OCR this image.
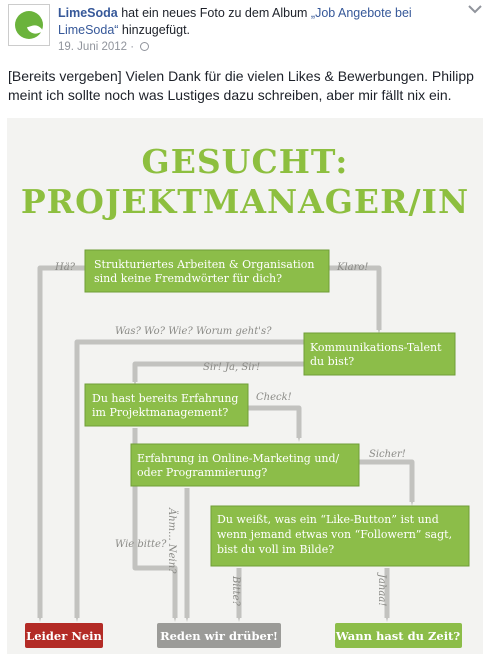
LimeSoda hat ein neues Foto zu dem Album „Job Angebote bei LimeSoda“ hinzugefügt.
19. Juni 2012 ·

[Bereits vergeben] Vielen Dank für die vielen Likes & Bewerbungen. Philipp meint ich sollte noch was Lustiges dazu schreiben, aber mir fällt nix ein.

GESUCHT:
PROJEKTMANAGER/IN
Hä?	Klaro!
Was? Wo? Wie? Worum geht's?
Sir! Ja, Sir!
Check!
Sicher!
Wie bitte? Ähm... Nein?
Bitte?	Jahaa!
Strukturiertes Arbeiten & Organisation
sind keine Fremdwörter für dich?
Kommunikations-Talent
du bist?
Du hast bereits Erfahrung
im Projektmanagement?
Erfahrung in Online-Marketing und/
oder Programmierung?
Du weißt, was ein “Like-Button” ist und
wenn jemand etwas von “Followern” sagt,
bist du voll im Bilde?
Leider Nein	Reden wir drüber!	Wann hast du Zeit?
